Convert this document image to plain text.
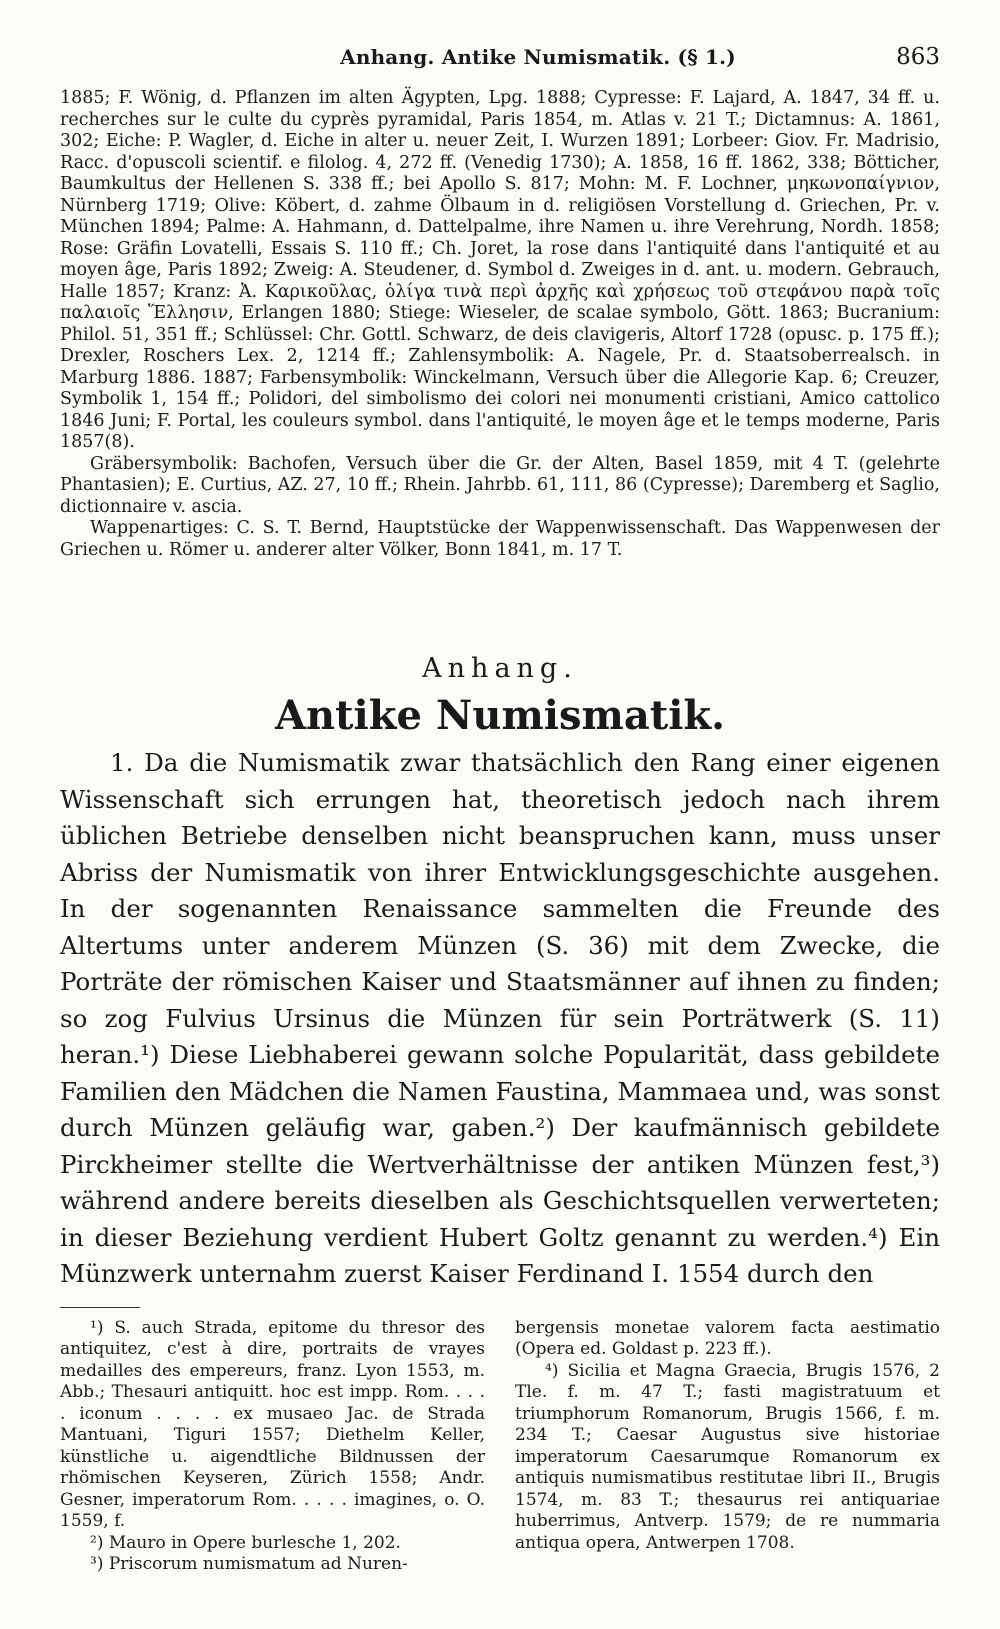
Anhang. Antike Numismatik. (§ 1.)	863

1885; F. Wönig, d. Pflanzen im alten Ägypten, Lpg. 1888; Cypresse: F. Lajard, A. 1847, 34 ff. u. recherches sur le culte du cyprès pyramidal, Paris 1854, m. Atlas v. 21 T.; Dictamnus: A. 1861, 302; Eiche: P. Wagler, d. Eiche in alter u. neuer Zeit, I. Wurzen 1891; Lorbeer: Giov. Fr. Madrisio, Racc. d'opuscoli scientif. e filolog. 4, 272 ff. (Venedig 1730); A. 1858, 16 ff. 1862, 338; Bötticher, Baumkultus der Hellenen S. 338 ff.; bei Apollo S. 817; Mohn: M. F. Lochner, μηκωνοπαίγνιον, Nürnberg 1719; Olive: Köbert, d. zahme Ölbaum in d. religiösen Vorstellung d. Griechen, Pr. v. München 1894; Palme: A. Hahmann, d. Dattelpalme, ihre Namen u. ihre Verehrung, Nordh. 1858; Rose: Gräfin Lovatelli, Essais S. 110 ff.; Ch. Joret, la rose dans l'antiquité dans l'antiquité et au moyen âge, Paris 1892; Zweig: A. Steudener, d. Symbol d. Zweiges in d. ant. u. modern. Gebrauch, Halle 1857; Kranz: Ἀ. Καρικοῦλας, ὀλίγα τινὰ περὶ ἀρχῆς καὶ χρήσεως τοῦ στεφάνου παρὰ τοῖς παλαιοῖς Ἕλλησιν, Erlangen 1880; Stiege: Wieseler, de scalae symbolo, Gött. 1863; Bucranium: Philol. 51, 351 ff.; Schlüssel: Chr. Gottl. Schwarz, de deis clavigeris, Altorf 1728 (opusc. p. 175 ff.); Drexler, Roschers Lex. 2, 1214 ff.; Zahlensymbolik: A. Nagele, Pr. d. Staatsoberrealsch. in Marburg 1886. 1887; Farbensymbolik: Winckelmann, Versuch über die Allegorie Kap. 6; Creuzer, Symbolik 1, 154 ff.; Polidori, del simbolismo dei colori nei monumenti cristiani, Amico cattolico 1846 Juni; F. Portal, les couleurs symbol. dans l'antiquité, le moyen âge et le temps moderne, Paris 1857(8).

Gräbersymbolik: Bachofen, Versuch über die Gr. der Alten, Basel 1859, mit 4 T. (gelehrte Phantasien); E. Curtius, AZ. 27, 10 ff.; Rhein. Jahrbb. 61, 111, 86 (Cypresse); Daremberg et Saglio, dictionnaire v. ascia.

Wappenartiges: C. S. T. Bernd, Hauptstücke der Wappenwissenschaft. Das Wappenwesen der Griechen u. Römer u. anderer alter Völker, Bonn 1841, m. 17 T.

Anhang.
Antike Numismatik.

1. Da die Numismatik zwar thatsächlich den Rang einer eigenen Wissenschaft sich errungen hat, theoretisch jedoch nach ihrem üblichen Betriebe denselben nicht beanspruchen kann, muss unser Abriss der Numismatik von ihrer Entwicklungsgeschichte ausgehen. In der sogenannten Renaissance sammelten die Freunde des Altertums unter anderem Münzen (S. 36) mit dem Zwecke, die Porträte der römischen Kaiser und Staatsmänner auf ihnen zu finden; so zog Fulvius Ursinus die Münzen für sein Porträtwerk (S. 11) heran.¹) Diese Liebhaberei gewann solche Popularität, dass gebildete Familien den Mädchen die Namen Faustina, Mammaea und, was sonst durch Münzen geläufig war, gaben.²) Der kaufmännisch gebildete Pirckheimer stellte die Wertverhältnisse der antiken Münzen fest,³) während andere bereits dieselben als Geschichtsquellen verwerteten; in dieser Beziehung verdient Hubert Goltz genannt zu werden.⁴) Ein Münzwerk unternahm zuerst Kaiser Ferdinand I. 1554 durch den

¹) S. auch Strada, epitome du thresor des antiquitez, c'est à dire, portraits de vrayes medailles des empereurs, franz. Lyon 1553, m. Abb.; Thesauri antiquitt. hoc est impp. Rom. . . . . iconum . . . . ex musaeo Jac. de Strada Mantuani, Tiguri 1557; Diethelm Keller, künstliche u. aigendtliche Bildnussen der rhömischen Keyseren, Zürich 1558; Andr. Gesner, imperatorum Rom. . . . . imagines, o. O. 1559, f.

²) Mauro in Opere burlesche 1, 202.

³) Priscorum numismatum ad Nuren-

bergensis monetae valorem facta aestimatio (Opera ed. Goldast p. 223 ff.).

⁴) Sicilia et Magna Graecia, Brugis 1576, 2 Tle. f. m. 47 T.; fasti magistratuum et triumphorum Romanorum, Brugis 1566, f. m. 234 T.; Caesar Augustus sive historiae imperatorum Caesarumque Romanorum ex antiquis numismatibus restitutae libri II., Brugis 1574, m. 83 T.; thesaurus rei antiquariae huberrimus, Antverp. 1579; de re nummaria antiqua opera, Antwerpen 1708.
